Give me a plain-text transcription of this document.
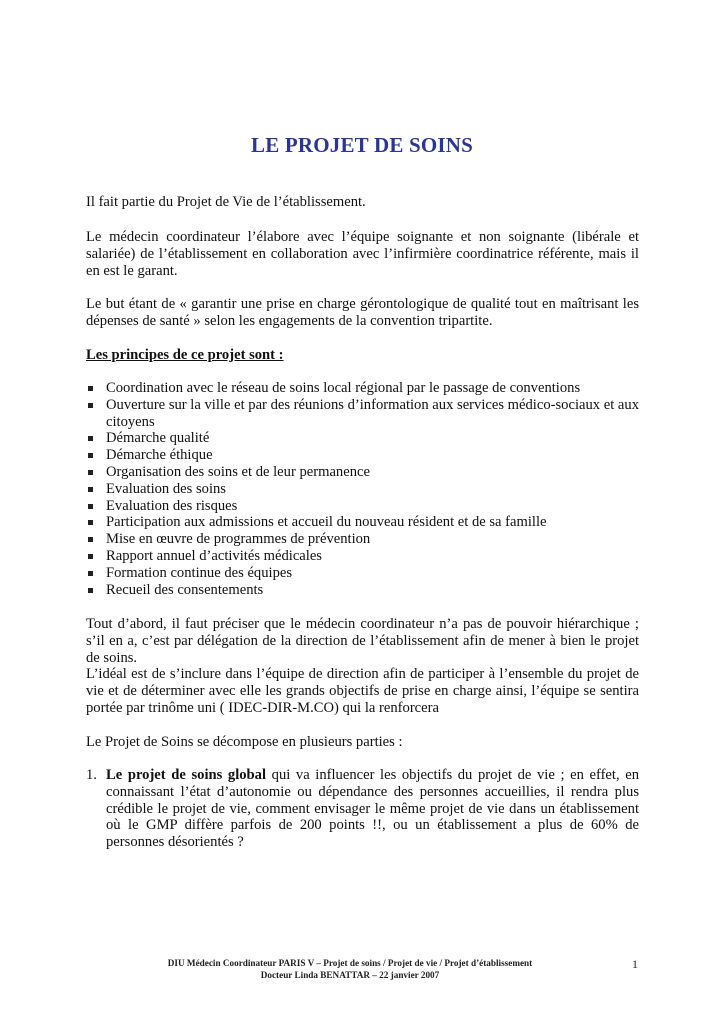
LE PROJET DE SOINS

Il fait partie du Projet de Vie de l’établissement.

Le médecin coordinateur l’élabore avec l’équipe soignante et non soignante (libérale et salariée) de l’établissement en collaboration avec l’infirmière coordinatrice référente, mais il en est le garant.

Le but étant de « garantir une prise en charge gérontologique de qualité tout en maîtrisant les dépenses de santé » selon les engagements de la convention tripartite.

Les principes de ce projet sont :

Coordination avec le réseau de soins local régional par le passage de conventions
Ouverture sur la ville et par des réunions d’information aux services médico-sociaux et aux citoyens
Démarche qualité
Démarche éthique
Organisation des soins et de leur permanence
Evaluation des soins
Evaluation des risques
Participation aux admissions et accueil du nouveau résident et de sa famille
Mise en œuvre de programmes de prévention
Rapport annuel d’activités médicales
Formation continue des équipes
Recueil des consentements

Tout d’abord, il faut préciser que le médecin coordinateur n’a pas de pouvoir hiérarchique ; s’il en a, c’est par délégation de la direction de l’établissement afin de mener à bien le projet de soins.

L’idéal est de s’inclure dans l’équipe de direction afin de participer à l’ensemble du projet de vie et de déterminer avec elle les grands objectifs de prise en charge ainsi, l’équipe se sentira portée par trinôme uni ( IDEC-DIR-M.CO) qui la renforcera

Le Projet de Soins se décompose en plusieurs parties :

1. Le projet de soins global qui va influencer les objectifs du projet de vie ; en effet, en connaissant l’état d’autonomie ou dépendance des personnes accueillies, il rendra plus crédible le projet de vie, comment envisager le même projet de vie dans un établissement où le GMP diffère parfois de 200 points !!, ou un établissement a plus de 60% de personnes désorientés ?
DIU Médecin Coordinateur PARIS V – Projet de soins / Projet de vie / Projet d’établissement
Docteur Linda BENATTAR – 22 janvier 2007
1
